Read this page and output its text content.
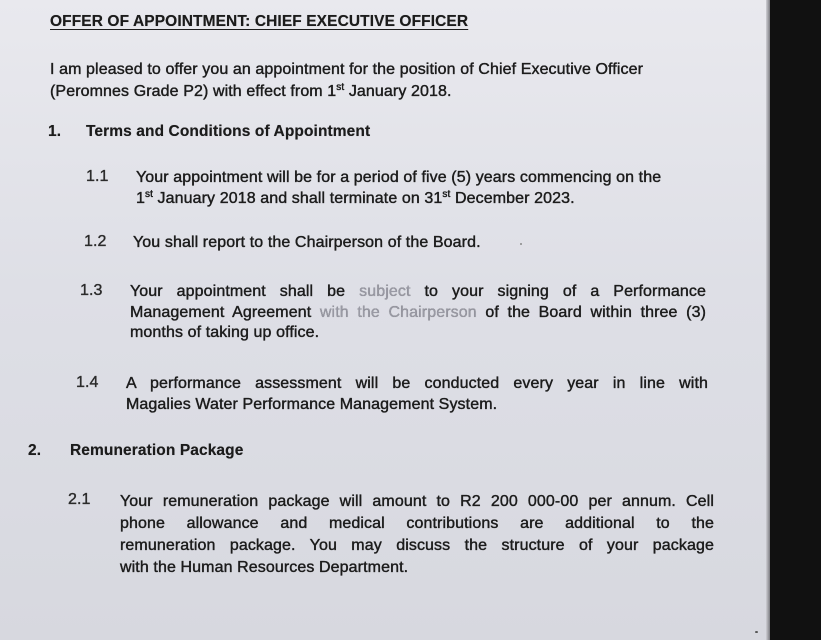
OFFER OF APPOINTMENT: CHIEF EXECUTIVE OFFICER
I am pleased to offer you an appointment for the position of Chief Executive Officer
(Peromnes Grade P2) with effect from 1st January 2018.
1. Terms and Conditions of Appointment
1.1 Your appointment will be for a period of five (5) years commencing on the
1st January 2018 and shall terminate on 31st December 2023.
1.2 You shall report to the Chairperson of the Board.
1.3 Your appointment shall be subject to your signing of a Performance
Management Agreement with the Chairperson of the Board within three (3)
months of taking up office.
1.4 A performance assessment will be conducted every year in line with
Magalies Water Performance Management System.
2. Remuneration Package
2.1 Your remuneration package will amount to R2 200 000-00 per annum. Cell
phone allowance and medical contributions are additional to the
remuneration package. You may discuss the structure of your package
with the Human Resources Department.
